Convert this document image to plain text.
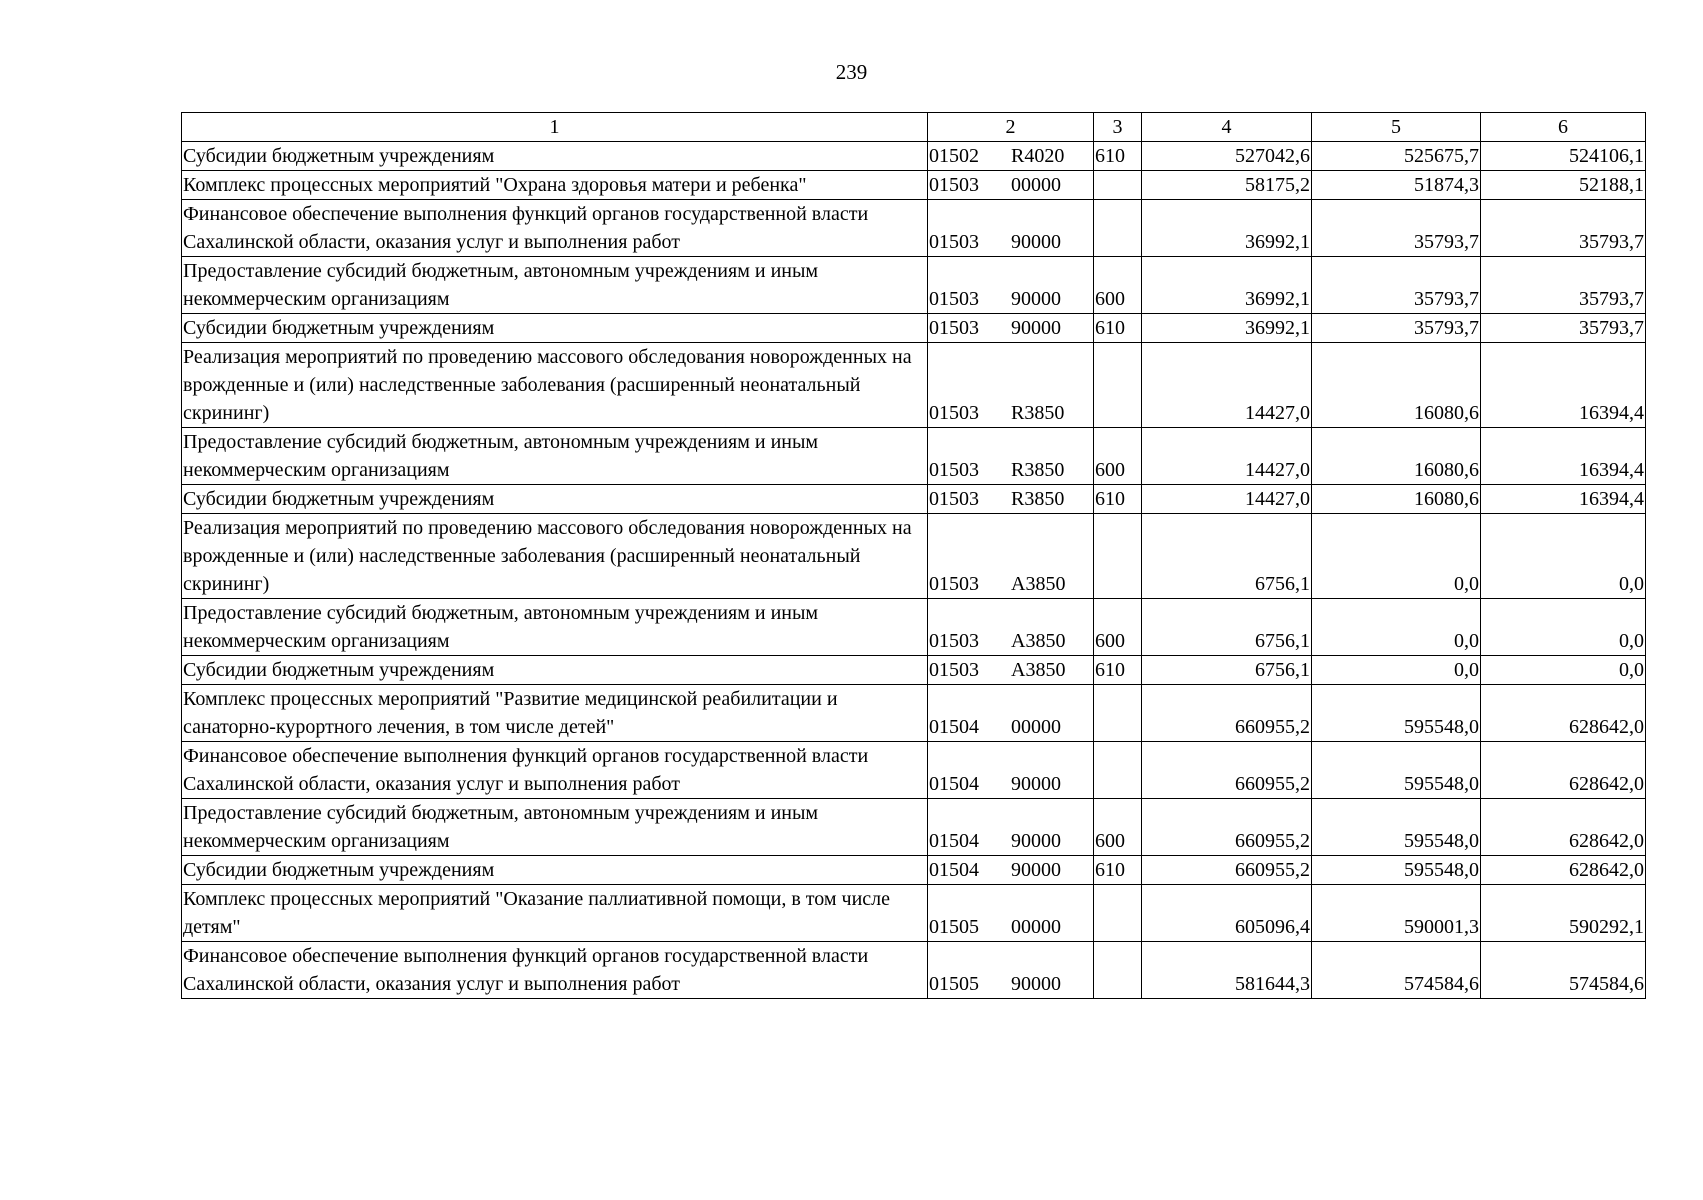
239
1	2	3	4	5	6
Субсидии бюджетным учреждениям	01502 R4020	610	527042,6	525675,7	524106,1
Комплекс процессных мероприятий "Охрана здоровья матери и ребенка"	01503 00000		58175,2	51874,3	52188,1
Финансовое обеспечение выполнения функций органов государственной власти Сахалинской области, оказания услуг и выполнения работ	01503 90000		36992,1	35793,7	35793,7
Предоставление субсидий бюджетным, автономным учреждениям и иным некоммерческим организациям	01503 90000	600	36992,1	35793,7	35793,7
Субсидии бюджетным учреждениям	01503 90000	610	36992,1	35793,7	35793,7
Реализация мероприятий по проведению массового обследования новорожденных на врожденные и (или) наследственные заболевания (расширенный неонатальный скрининг)	01503 R3850		14427,0	16080,6	16394,4
Предоставление субсидий бюджетным, автономным учреждениям и иным некоммерческим организациям	01503 R3850	600	14427,0	16080,6	16394,4
Субсидии бюджетным учреждениям	01503 R3850	610	14427,0	16080,6	16394,4
Реализация мероприятий по проведению массового обследования новорожденных на врожденные и (или) наследственные заболевания (расширенный неонатальный скрининг)	01503 А3850		6756,1	0,0	0,0
Предоставление субсидий бюджетным, автономным учреждениям и иным некоммерческим организациям	01503 А3850	600	6756,1	0,0	0,0
Субсидии бюджетным учреждениям	01503 А3850	610	6756,1	0,0	0,0
Комплекс процессных мероприятий "Развитие медицинской реабилитации и санаторно-курортного лечения, в том числе детей"	01504 00000		660955,2	595548,0	628642,0
Финансовое обеспечение выполнения функций органов государственной власти Сахалинской области, оказания услуг и выполнения работ	01504 90000		660955,2	595548,0	628642,0
Предоставление субсидий бюджетным, автономным учреждениям и иным некоммерческим организациям	01504 90000	600	660955,2	595548,0	628642,0
Субсидии бюджетным учреждениям	01504 90000	610	660955,2	595548,0	628642,0
Комплекс процессных мероприятий "Оказание паллиативной помощи, в том числе детям"	01505 00000		605096,4	590001,3	590292,1
Финансовое обеспечение выполнения функций органов государственной власти Сахалинской области, оказания услуг и выполнения работ	01505 90000		581644,3	574584,6	574584,6
